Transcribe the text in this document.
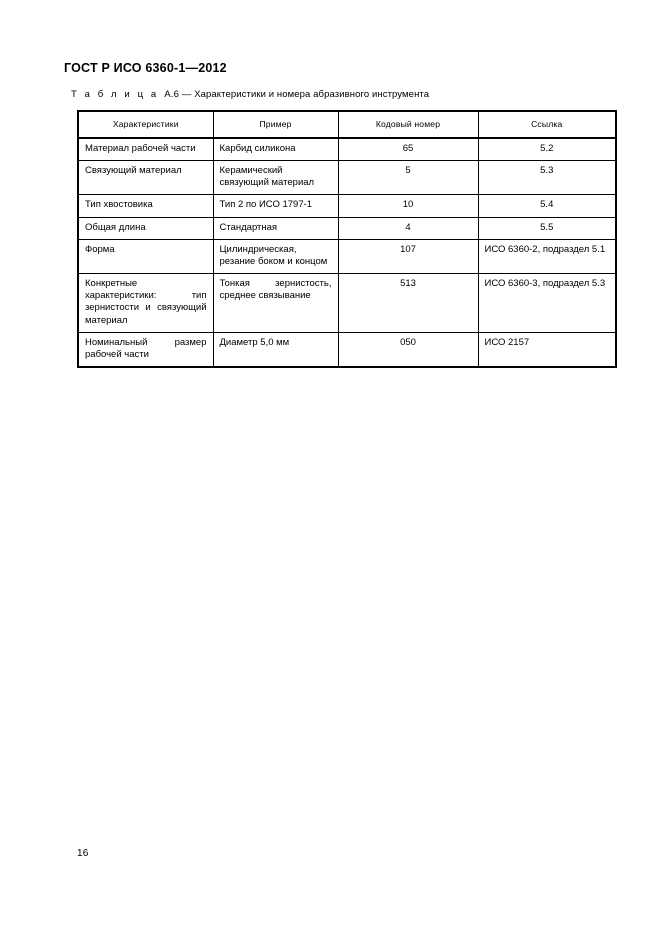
ГОСТ Р ИСО 6360-1—2012
Т а б л и ц а А.6 — Характеристики и номера абразивного инструмента
Характеристики	Пример	Кодовый номер	Ссылка
Материал рабочей части	Карбид силикона	65	5.2
Связующий материал	Керамический связующий материал	5	5.3
Тип хвостовика	Тип 2 по ИСО 1797-1	10	5.4
Общая длина	Стандартная	4	5.5
Форма	Цилиндрическая, резание боком и концом	107	ИСО 6360-2, подраздел 5.1
Конкретные характеристики: тип зернистости и связующий материал	Тонкая зернистость, среднее связывание	513	ИСО 6360-3, подраздел 5.3
Номинальный размер рабочей части	Диаметр 5,0 мм	050	ИСО 2157
16
